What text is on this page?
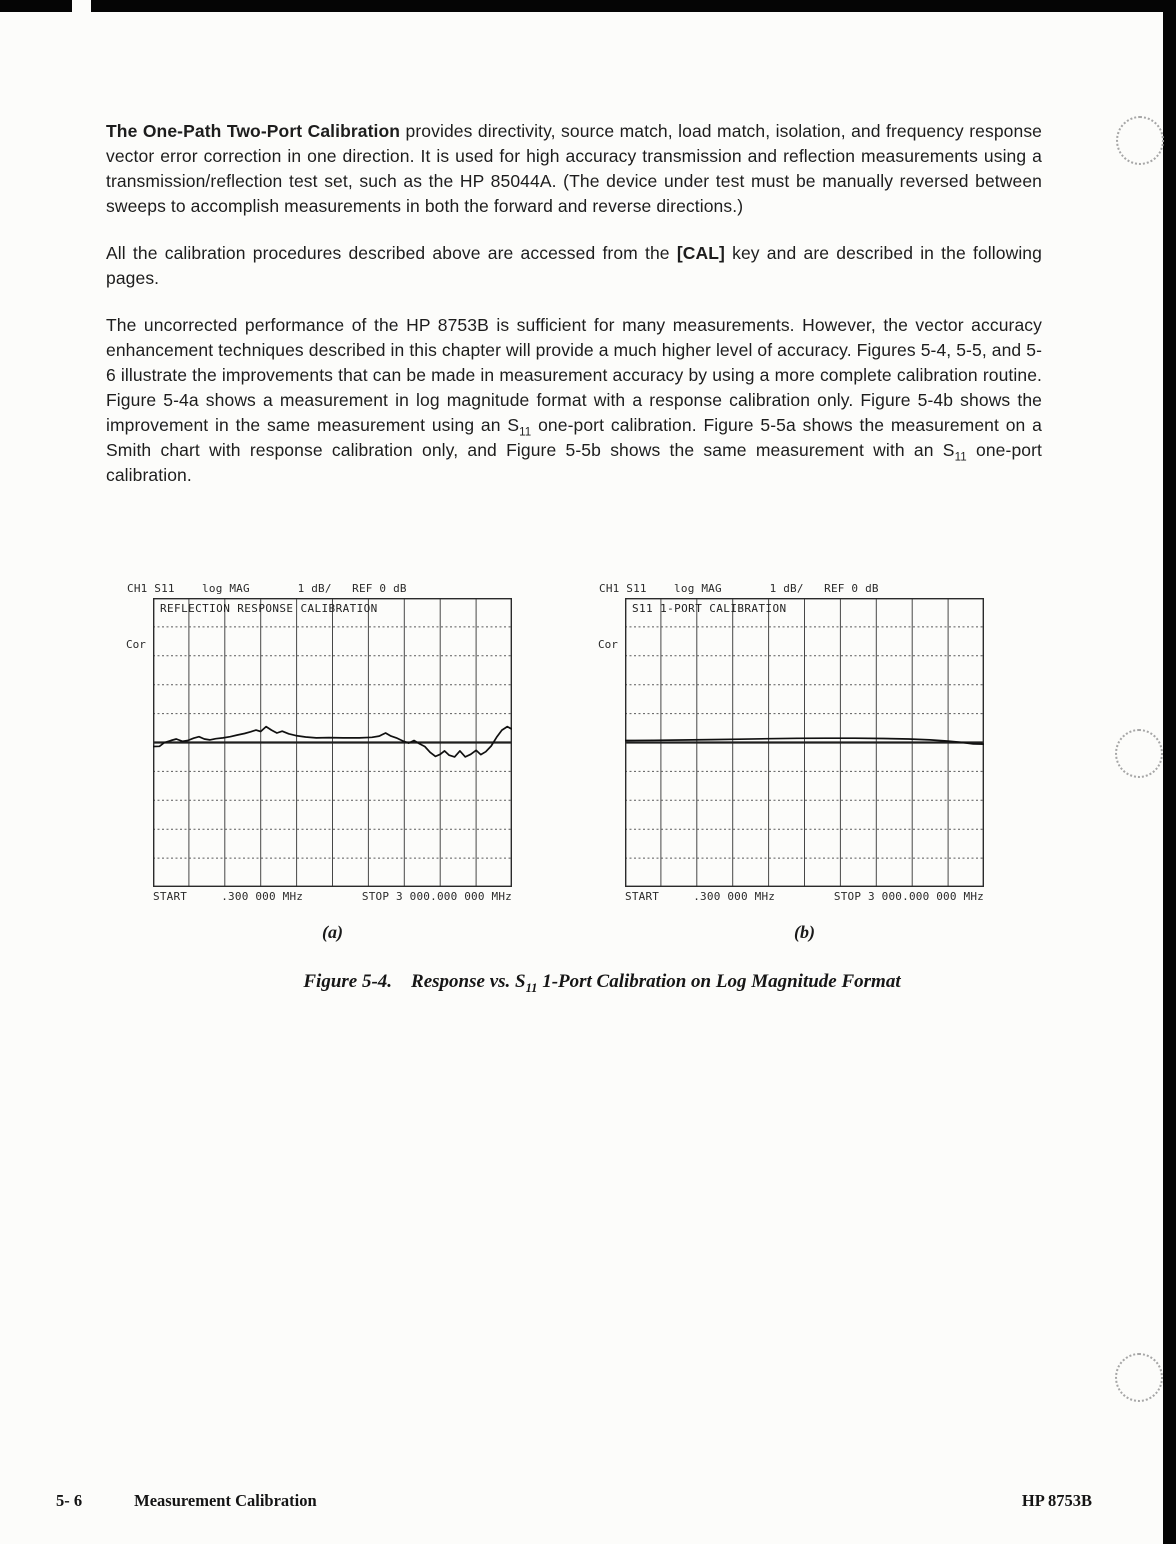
The One-Path Two-Port Calibration provides directivity, source match, load match, isolation, and frequency response vector error correction in one direction. It is used for high accuracy transmission and reflection measurements using a transmission/reflection test set, such as the HP 85044A. (The device under test must be manually reversed between sweeps to accomplish measurements in both the forward and reverse directions.)

All the calibration procedures described above are accessed from the [CAL] key and are described in the following pages.

The uncorrected performance of the HP 8753B is sufficient for many measurements. However, the vector accuracy enhancement techniques described in this chapter will provide a much higher level of accuracy. Figures 5-4, 5-5, and 5-6 illustrate the improvements that can be made in measurement accuracy by using a more complete calibration routine. Figure 5-4a shows a measurement in log magnitude format with a response calibration only. Figure 5-4b shows the improvement in the same measurement using an $S_{11}$ one-port calibration. Figure 5-5a shows the measurement on a Smith chart with response calibration only, and Figure 5-5b shows the same measurement with an $S_{11}$ one-port calibration.

CH1 S11    log MAG       1 dB/   REF 0 dB
Cor
REFLECTION RESPONSE CALIBRATION
START     .300 000 MHz	STOP 3 000.000 000 MHz
(a)
CH1 S11    log MAG       1 dB/   REF 0 dB
Cor
S11 1-PORT CALIBRATION
START     .300 000 MHz	STOP 3 000.000 000 MHz
(b)
Figure 5-4.    Response vs. $S_{11}$ 1-Port Calibration on Log Magnitude Format
5- 6	Measurement Calibration	HP 8753B
